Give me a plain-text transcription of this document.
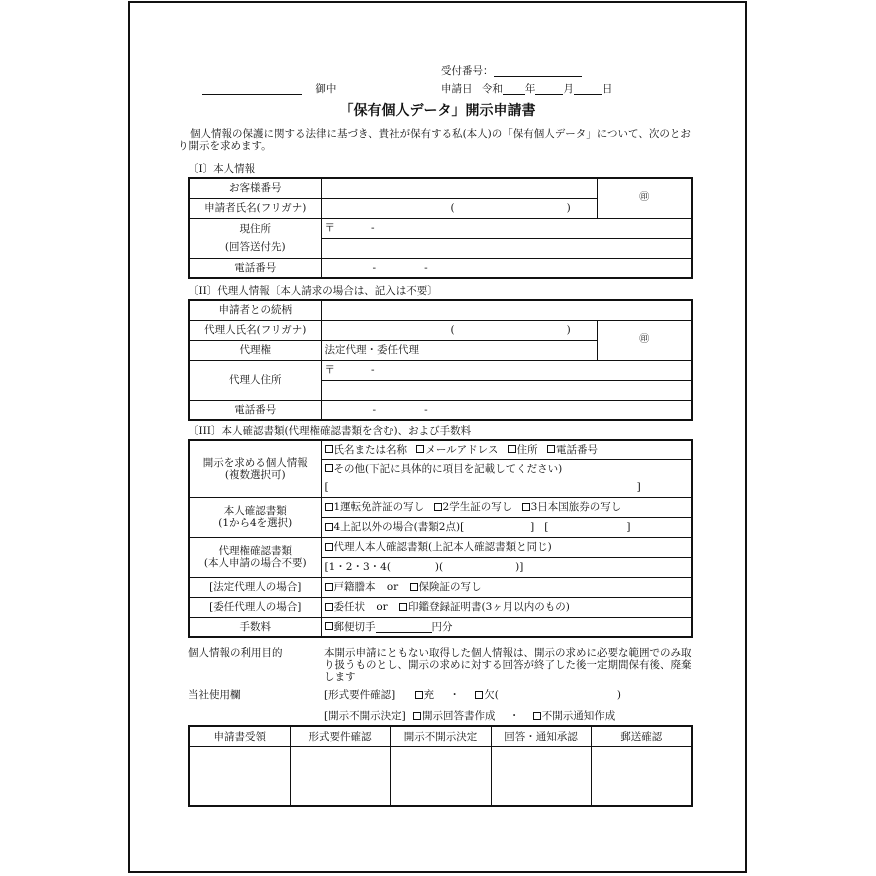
受付番号：
御中	申請日 令和 年	月	日
「保有個人データ」開示申請書
個人情報の保護に関する法律に基づき、貴社が保有する私(本人)の「保有個人データ」について、次のとおり開示を求めます。
〔I〕本人情報
お客様番号		㊞
申請者氏名(フリガナ)	( )	

現住所
(回答送付先)	〒 -	

電話番号	- -	
〔II〕代理人情報〔本人請求の場合は、記入は不要〕
申請者との続柄		
代理人氏名(フリガナ)	( )	㊞
代理権	法定代理・委任代理	
代理人住所	〒 -	

電話番号	- -	
〔III〕本人確認書類(代理権確認書類を含む)、および手数料
開示を求める個人情報
(複数選択可)	氏名または名称 メールアドレス 住所 電話番号
	その他(下記に具体的に項目を記載してください)
	[ ]

本人確認書類
(1から4を選択)	1運転免許証の写し 2学生証の写し 3日本国旅券の写し
	4上記以外の場合(書類2点)[ ] [ ]

代理権確認書類
(本人申請の場合不要)	代理人本人確認書類(上記本人確認書類と同じ)
	[1・2・3・4( )( )]
[法定代理人の場合]	戸籍謄本 or 保険証の写し
[委任代理人の場合]	委任状 or 印鑑登録証明書(3ヶ月以内のもの)
手数料	郵便切手 円分
個人情報の利用目的	本開示申請にともない取得した個人情報は、開示の求めに必要な範囲でのみ取り扱うものとし、開示の求めに対する回答が終了した後一定期間保有後、廃棄します
当社使用欄	[形式要件確認]	充 ・ 欠(	)
[開示不開示決定] 開示回答書作成 ・ 不開示通知作成
申請書受領	形式要件確認	開示不開示決定	回答・通知承認	郵送確認
